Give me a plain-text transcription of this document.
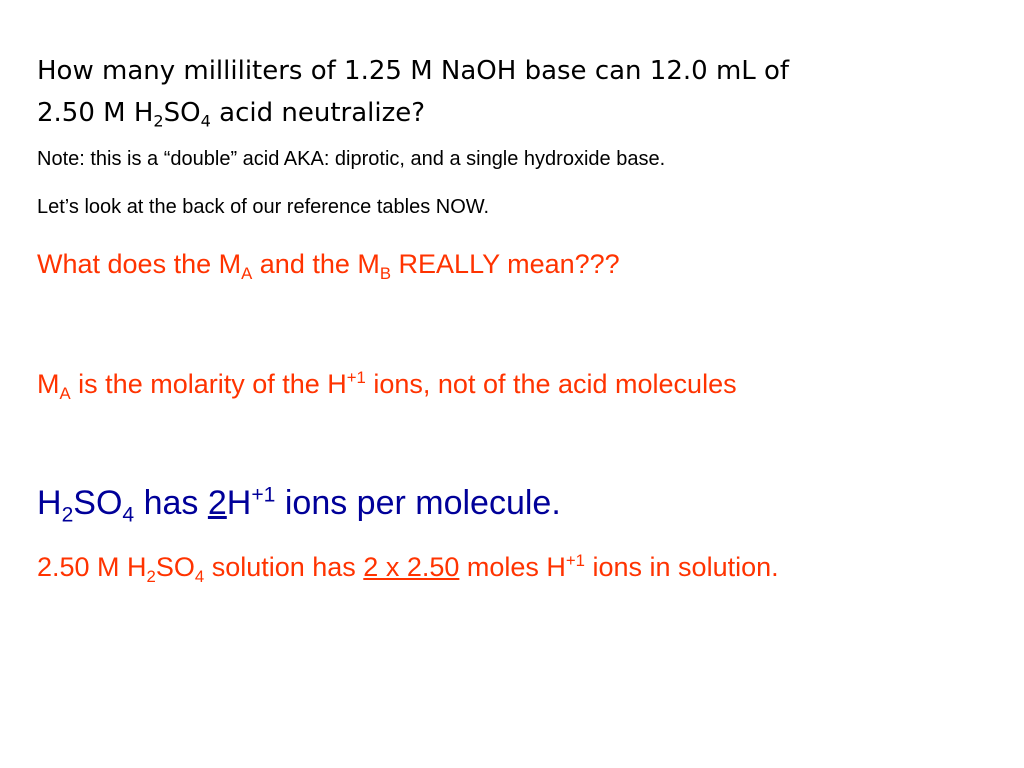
How many milliliters of 1.25 M NaOH base can 12.0 mL of
2.50 M $H_2SO_4$ acid neutralize?

Note: this is a “double” acid AKA: diprotic, and a single hydroxide base.

Let’s look at the back of our reference tables NOW.

What does the $M_A$ and the $M_B$ REALLY mean???

$M_A$ is the molarity of the $H^{+1}$ ions, not of the acid molecules

$H_2SO_4$ has $2H^{+1}$ ions per molecule.

2.50 M $H_2SO_4$ solution has 2 x 2.50 moles $H^{+1}$ ions in solution.
